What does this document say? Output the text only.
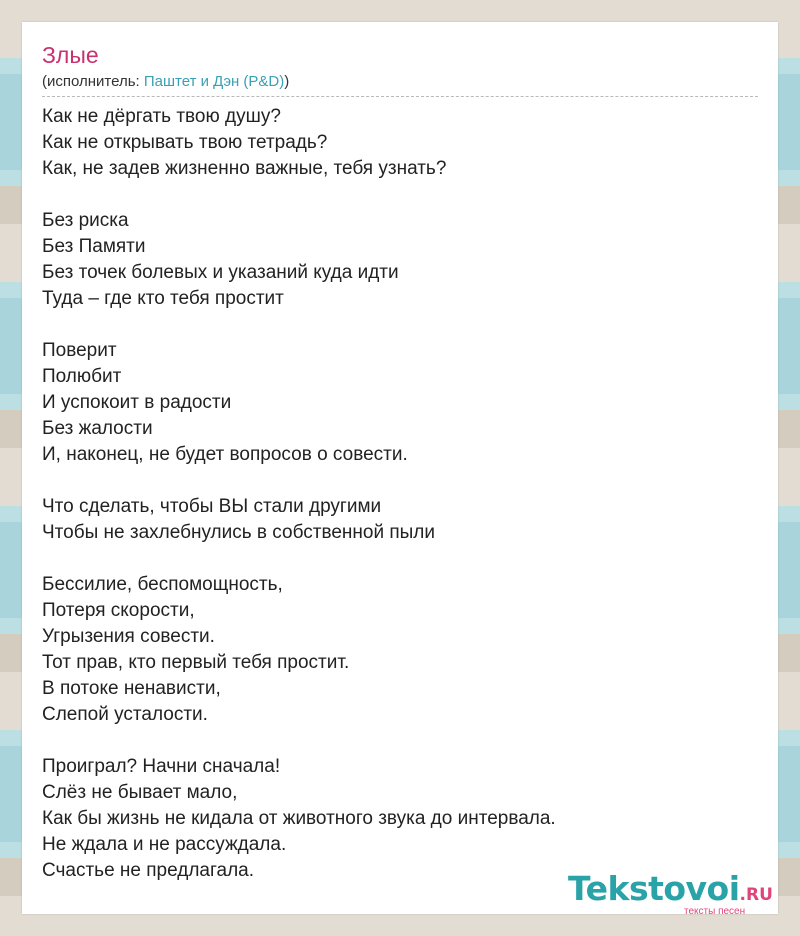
Злые
(исполнитель: Паштет и Дэн (P&D))
Как не дёргать твою душу?
Как не открывать твою тетрадь?
Как, не задев жизненно важные, тебя узнать?
Без риска
Без Памяти
Без точек болевых и указаний куда идти
Туда – где кто тебя простит
Поверит
Полюбит
И успокоит в радости
Без жалости
И, наконец, не будет вопросов о совести.
Что сделать, чтобы ВЫ стали другими
Чтобы не захлебнулись в собственной пыли
Бессилие, беспомощность,
Потеря скорости,
Угрызения совести.
Тот прав, кто первый тебя простит.
В потоке ненависти,
Слепой усталости.
Проиграл? Начни сначала!
Слёз не бывает мало,
Как бы жизнь не кидала от животного звука до интервала.
Не ждала и не рассуждала.
Счастье не предлагала.	Tekstovoi.RU
тексты песен
